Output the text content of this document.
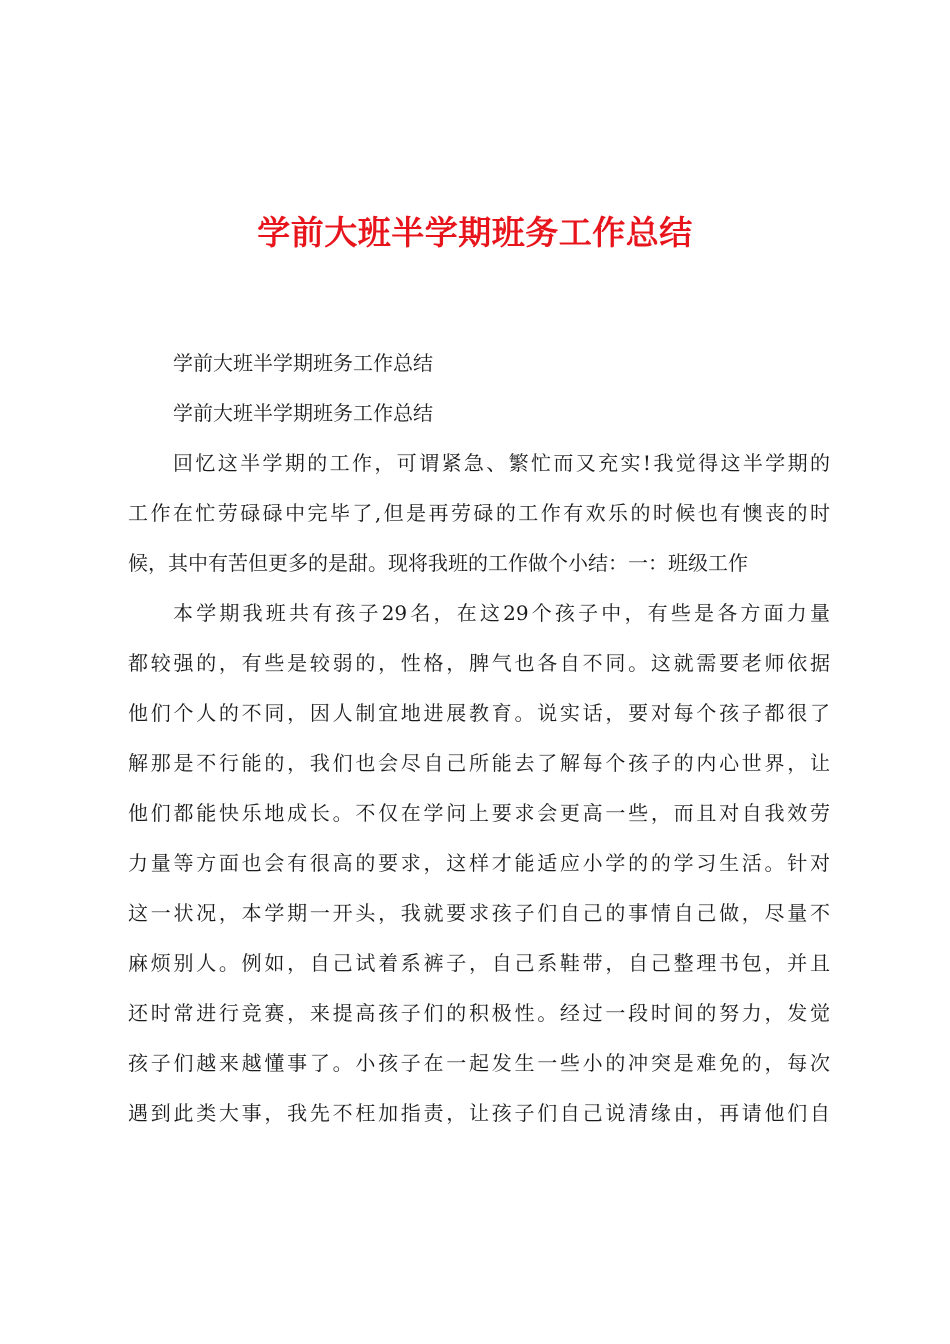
学前大班半学期班务工作总结

学前大班半学期班务工作总结

学前大班半学期班务工作总结

回忆这半学期的工作，可谓紧急、繁忙而又充实!我觉得这半学期的

工作在忙劳碌碌中完毕了,但是再劳碌的工作有欢乐的时候也有懊丧的时

候，其中有苦但更多的是甜。现将我班的工作做个小结：一：班级工作

本学期我班共有孩子29名，在这29个孩子中，有些是各方面力量

都较强的，有些是较弱的，性格，脾气也各自不同。这就需要老师依据

他们个人的不同，因人制宜地进展教育。说实话，要对每个孩子都很了

解那是不行能的，我们也会尽自己所能去了解每个孩子的内心世界，让

他们都能快乐地成长。不仅在学问上要求会更高一些，而且对自我效劳

力量等方面也会有很高的要求，这样才能适应小学的的学习生活。针对

这一状况，本学期一开头，我就要求孩子们自己的事情自己做，尽量不

麻烦别人。例如，自己试着系裤子，自己系鞋带，自己整理书包，并且

还时常进行竞赛，来提高孩子们的积极性。经过一段时间的努力，发觉

孩子们越来越懂事了。小孩子在一起发生一些小的冲突是难免的，每次

遇到此类大事，我先不枉加指责，让孩子们自己说清缘由，再请他们自
